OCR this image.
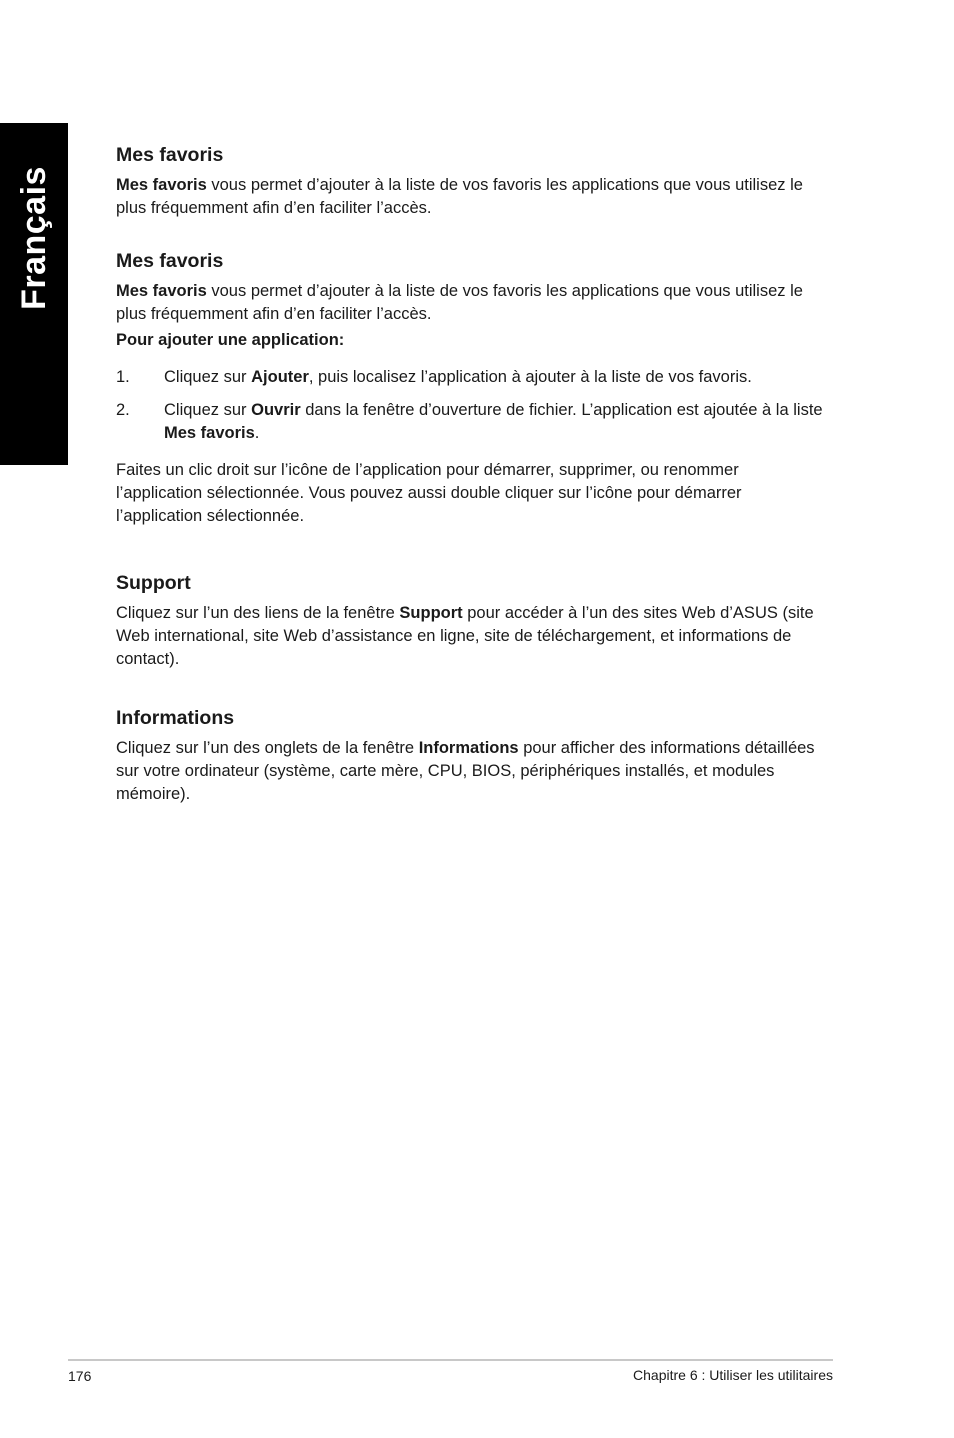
Français
Mes favoris

Mes favoris vous permet d’ajouter à la liste de vos favoris les applications que vous utilisez le plus fréquemment afin d’en faciliter l’accès.

Mes favoris

Mes favoris vous permet d’ajouter à la liste de vos favoris les applications que vous utilisez le plus fréquemment afin d’en faciliter l’accès.

Pour ajouter une application:

1. Cliquez sur Ajouter, puis localisez l’application à ajouter à la liste de vos favoris.
2. Cliquez sur Ouvrir dans la fenêtre d’ouverture de fichier. L’application est ajoutée à la liste Mes favoris.

Faites un clic droit sur l’icône de l’application pour démarrer, supprimer, ou renommer l’application sélectionnée. Vous pouvez aussi double cliquer sur l’icône pour démarrer l’application sélectionnée.

Support

Cliquez sur l’un des liens de la fenêtre Support pour accéder à l’un des sites Web d’ASUS (site Web international, site Web d’assistance en ligne, site de téléchargement, et informations de contact).

Informations

Cliquez sur l’un des onglets de la fenêtre Informations pour afficher des informations détaillées sur votre ordinateur (système, carte mère, CPU, BIOS, périphériques installés, et modules mémoire).

176	Chapitre 6 : Utiliser les utilitaires
